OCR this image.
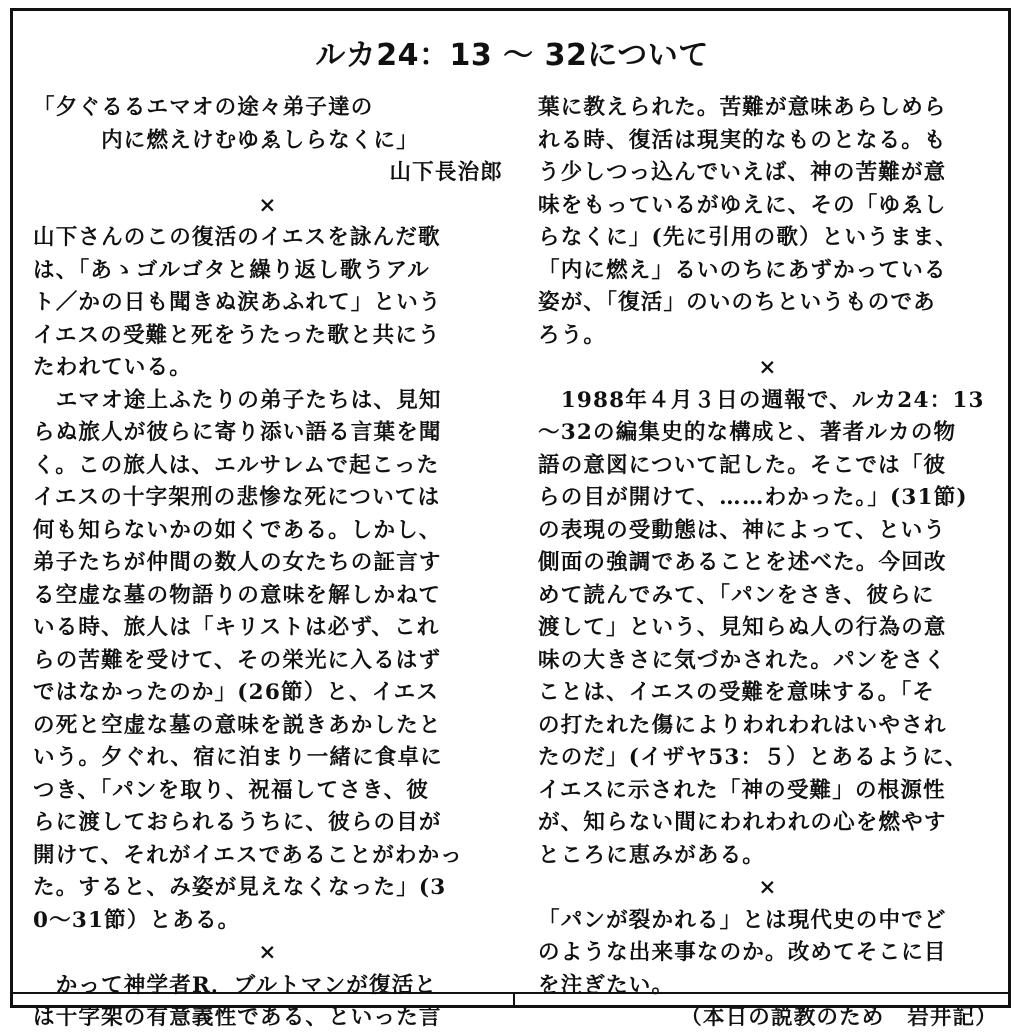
ルカ24：13 ～ 32について
「夕ぐるるエマオの途々弟子達の
　　　内に燃えけむゆゑしらなくに」
山下長治郎
×
山下さんのこの復活のイエスを詠んだ歌
は、「あゝゴルゴタと繰り返し歌うアル
ト／かの日も聞きぬ涙あふれて」という
イエスの受難と死をうたった歌と共にう
たわれている。
　エマオ途上ふたりの弟子たちは、見知
らぬ旅人が彼らに寄り添い語る言葉を聞
く。この旅人は、エルサレムで起こった
イエスの十字架刑の悲惨な死については
何も知らないかの如くである。しかし、
弟子たちが仲間の数人の女たちの証言す
る空虚な墓の物語りの意味を解しかねて
いる時、旅人は「キリストは必ず、これ
らの苦難を受けて、その栄光に入るはず
ではなかったのか」(26節）と、イエス
の死と空虚な墓の意味を説きあかしたと
いう。夕ぐれ、宿に泊まり一緒に食卓に
つき、「パンを取り、祝福してさき、彼
らに渡しておられるうちに、彼らの目が
開けて、それがイエスであることがわかっ
た。すると、み姿が見えなくなった」(3
0～31節）とある。
×
　かって神学者R．ブルトマンが復活と
は十字架の有意義性である、といった言
葉に教えられた。苦難が意味あらしめら
れる時、復活は現実的なものとなる。も
う少しつっ込んでいえば、神の苦難が意
味をもっているがゆえに、その「ゆゑし
らなくに」(先に引用の歌）というまま、
「内に燃え」るいのちにあずかっている
姿が、「復活」のいのちというものであ
ろう。
×
　1988年４月３日の週報で、ルカ24：13
～32の編集史的な構成と、著者ルカの物
語の意図について記した。そこでは「彼
らの目が開けて、……わかった。」(31節)
の表現の受動態は、神によって、という
側面の強調であることを述べた。今回改
めて読んでみて、「パンをさき、彼らに
渡して」という、見知らぬ人の行為の意
味の大きさに気づかされた。パンをさく
ことは、イエスの受難を意味する。「そ
の打たれた傷によりわれわれはいやされ
たのだ」(イザヤ53：５）とあるように、
イエスに示された「神の受難」の根源性
が、知らない間にわれわれの心を燃やす
ところに恵みがある。
×
「パンが裂かれる」とは現代史の中でど
のような出来事なのか。改めてそこに目
を注ぎたい。
（本日の説教のため　岩井記）
